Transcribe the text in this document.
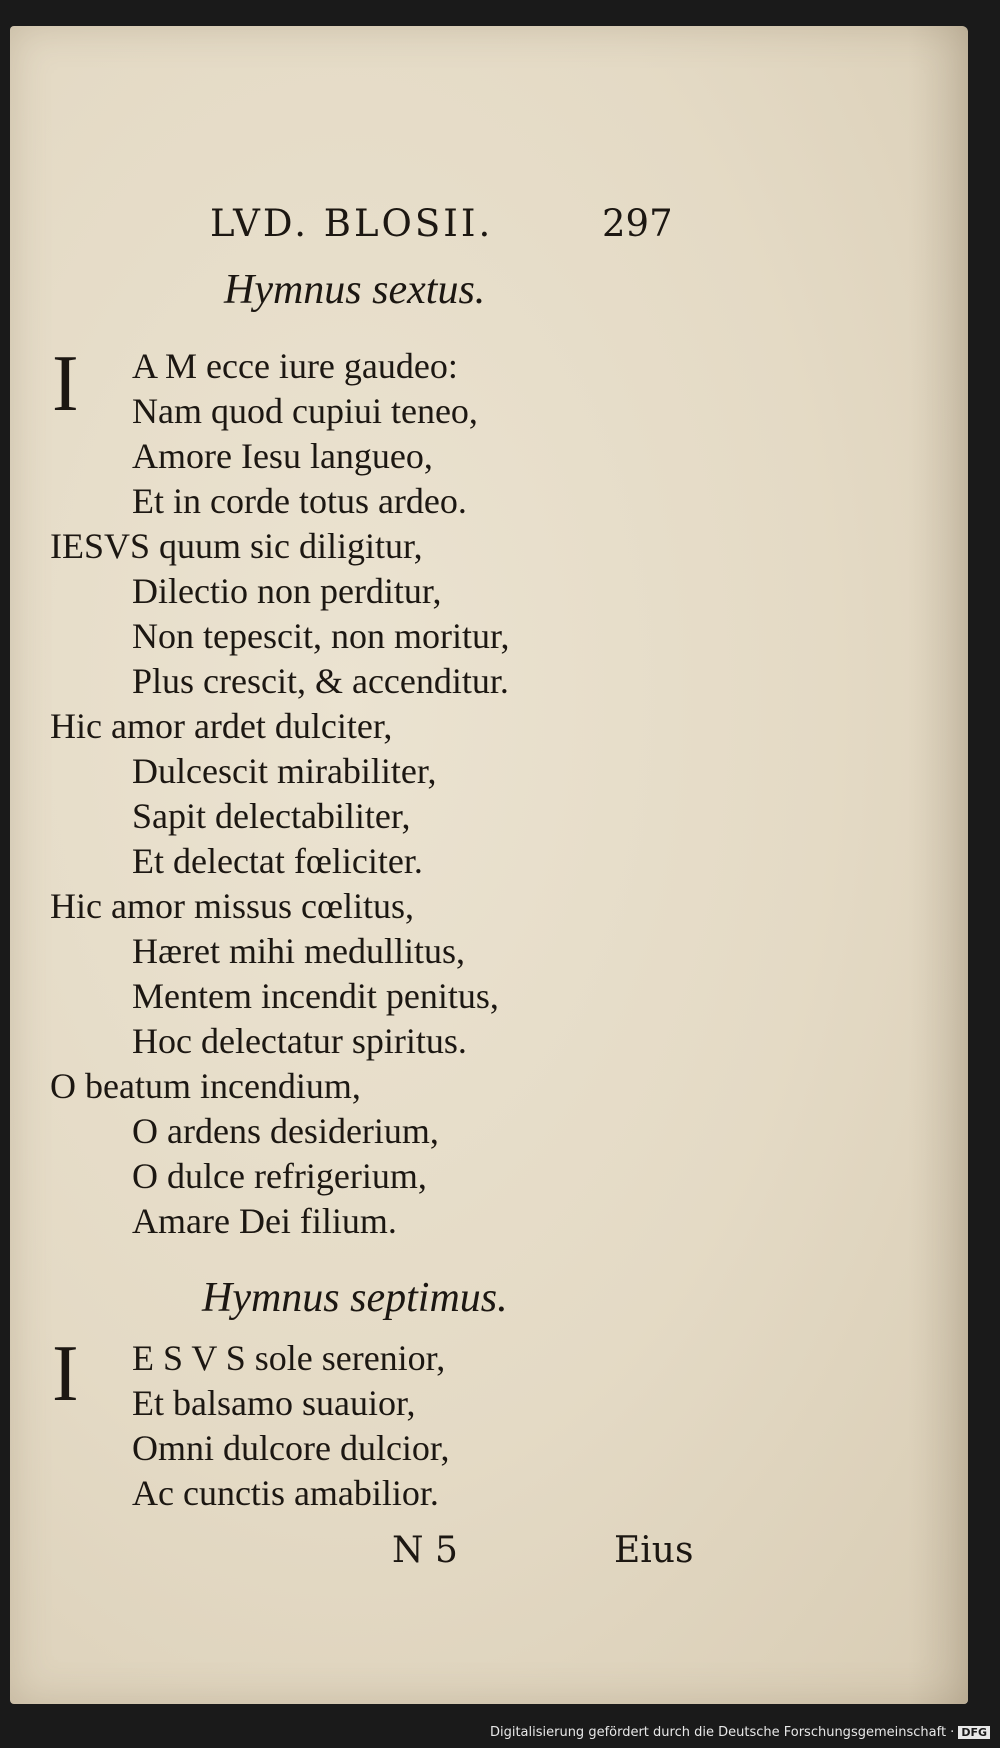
LVD. BLOSII.	297
Hymnus sextus.
I	A M ecce iure gaudeo:
Nam quod cupiui teneo,
Amore Iesu langueo,
Et in corde totus ardeo.
IESVS quum sic diligitur,
Dilectio non perditur,
Non tepescit, non moritur,
Plus crescit, & accenditur.
Hic amor ardet dulciter,
Dulcescit mirabiliter,
Sapit delectabiliter,
Et delectat fœliciter.
Hic amor missus cœlitus,
Hæret mihi medullitus,
Mentem incendit penitus,
Hoc delectatur spiritus.
O beatum incendium,
O ardens desiderium,
O dulce refrigerium,
Amare Dei filium.
Hymnus septimus.
I	E S V S sole serenior,
Et balsamo suauior,
Omni dulcore dulcior,
Ac cunctis amabilior.
N 5	Eius
Digitalisierung gefördert durch die Deutsche Forschungsgemeinschaft · DFG
